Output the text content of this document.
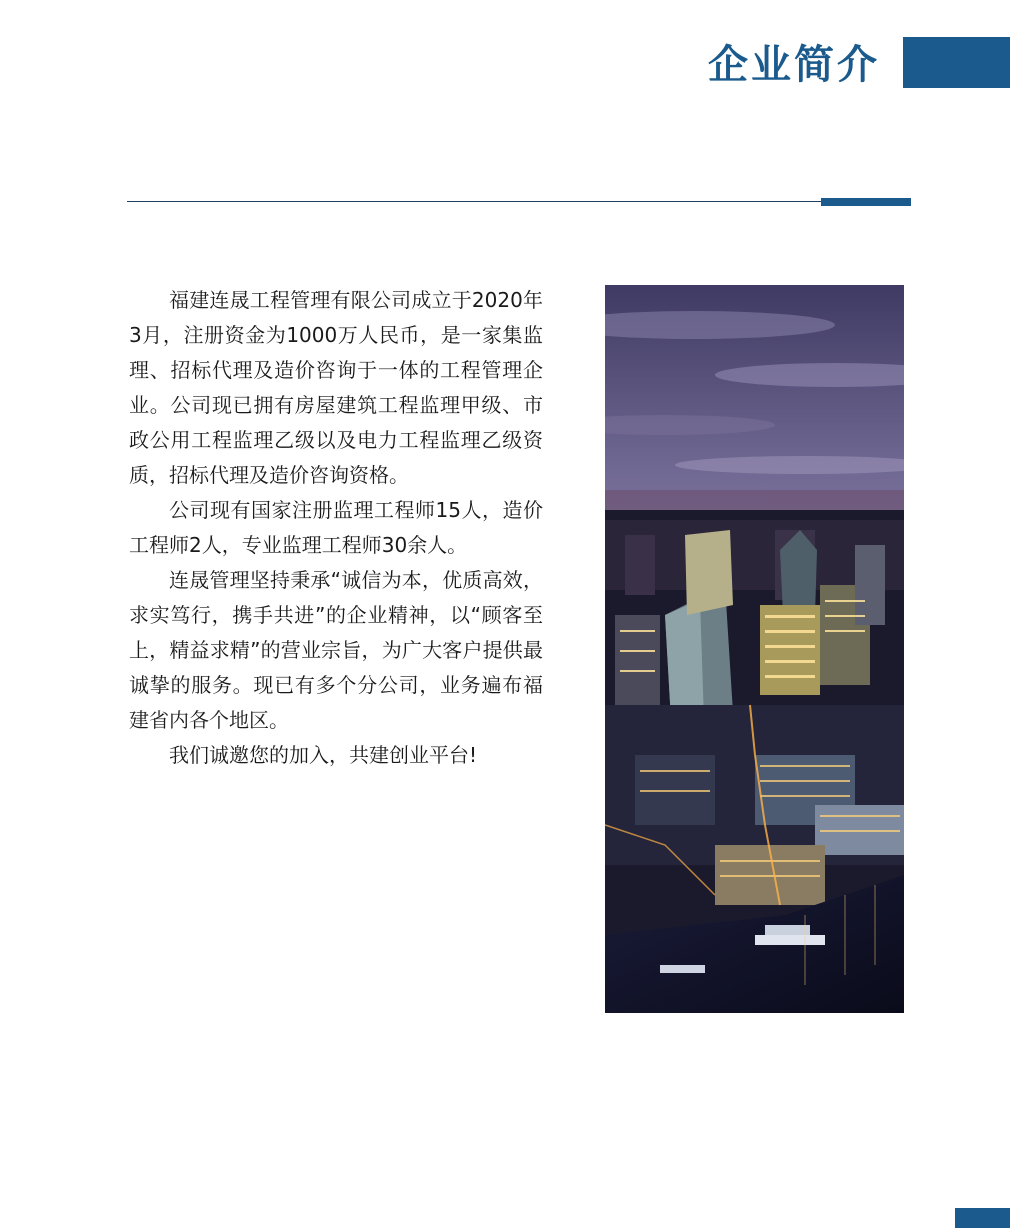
企业简介

福建连晟工程管理有限公司成立于2020年3月，注册资金为1000万人民币，是一家集监理、招标代理及造价咨询于一体的工程管理企业。公司现已拥有房屋建筑工程监理甲级、市政公用工程监理乙级以及电力工程监理乙级资质，招标代理及造价咨询资格。

公司现有国家注册监理工程师15人，造价工程师2人，专业监理工程师30余人。

连晟管理坚持秉承“诚信为本，优质高效，求实笃行，携手共进”的企业精神，以“顾客至上，精益求精”的营业宗旨，为广大客户提供最诚挚的服务。现已有多个分公司，业务遍布福建省内各个地区。

我们诚邀您的加入，共建创业平台!
